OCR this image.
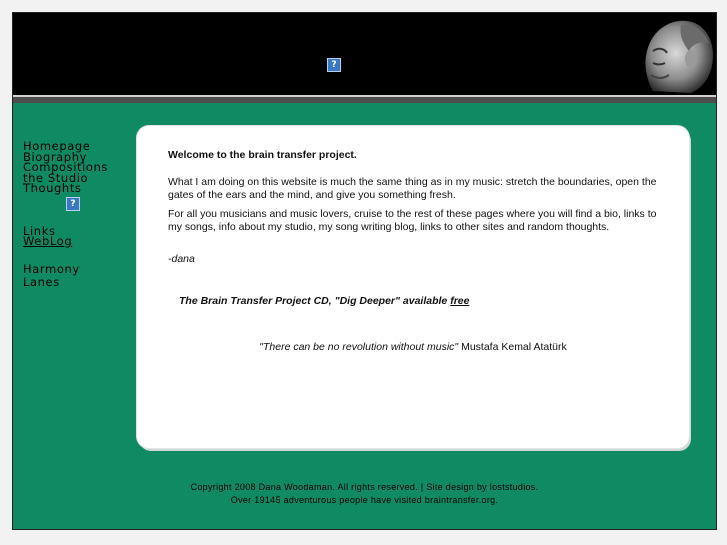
?
Homepage
Biography
Compositions
the Studio
Thoughts
?
Links
WebLog
Harmony
Lanes

Welcome to the brain transfer project.

What I am doing on this website is much the same thing as in my music: stretch the boundaries, open the gates of the ears and the mind, and give you something fresh.

For all you musicians and music lovers, cruise to the rest of these pages where you will find a bio, links to my songs, info about my studio, my song writing blog, links to other sites and random thoughts.

-dana

The Brain Transfer Project CD, "Dig Deeper" available free

"There can be no revolution without music" Mustafa Kemal Atatürk

Copyright 2008 Dana Woodaman. All rights reserved. | Site design by loststudios.
Over 19145 adventurous people have visited braintransfer.org.
